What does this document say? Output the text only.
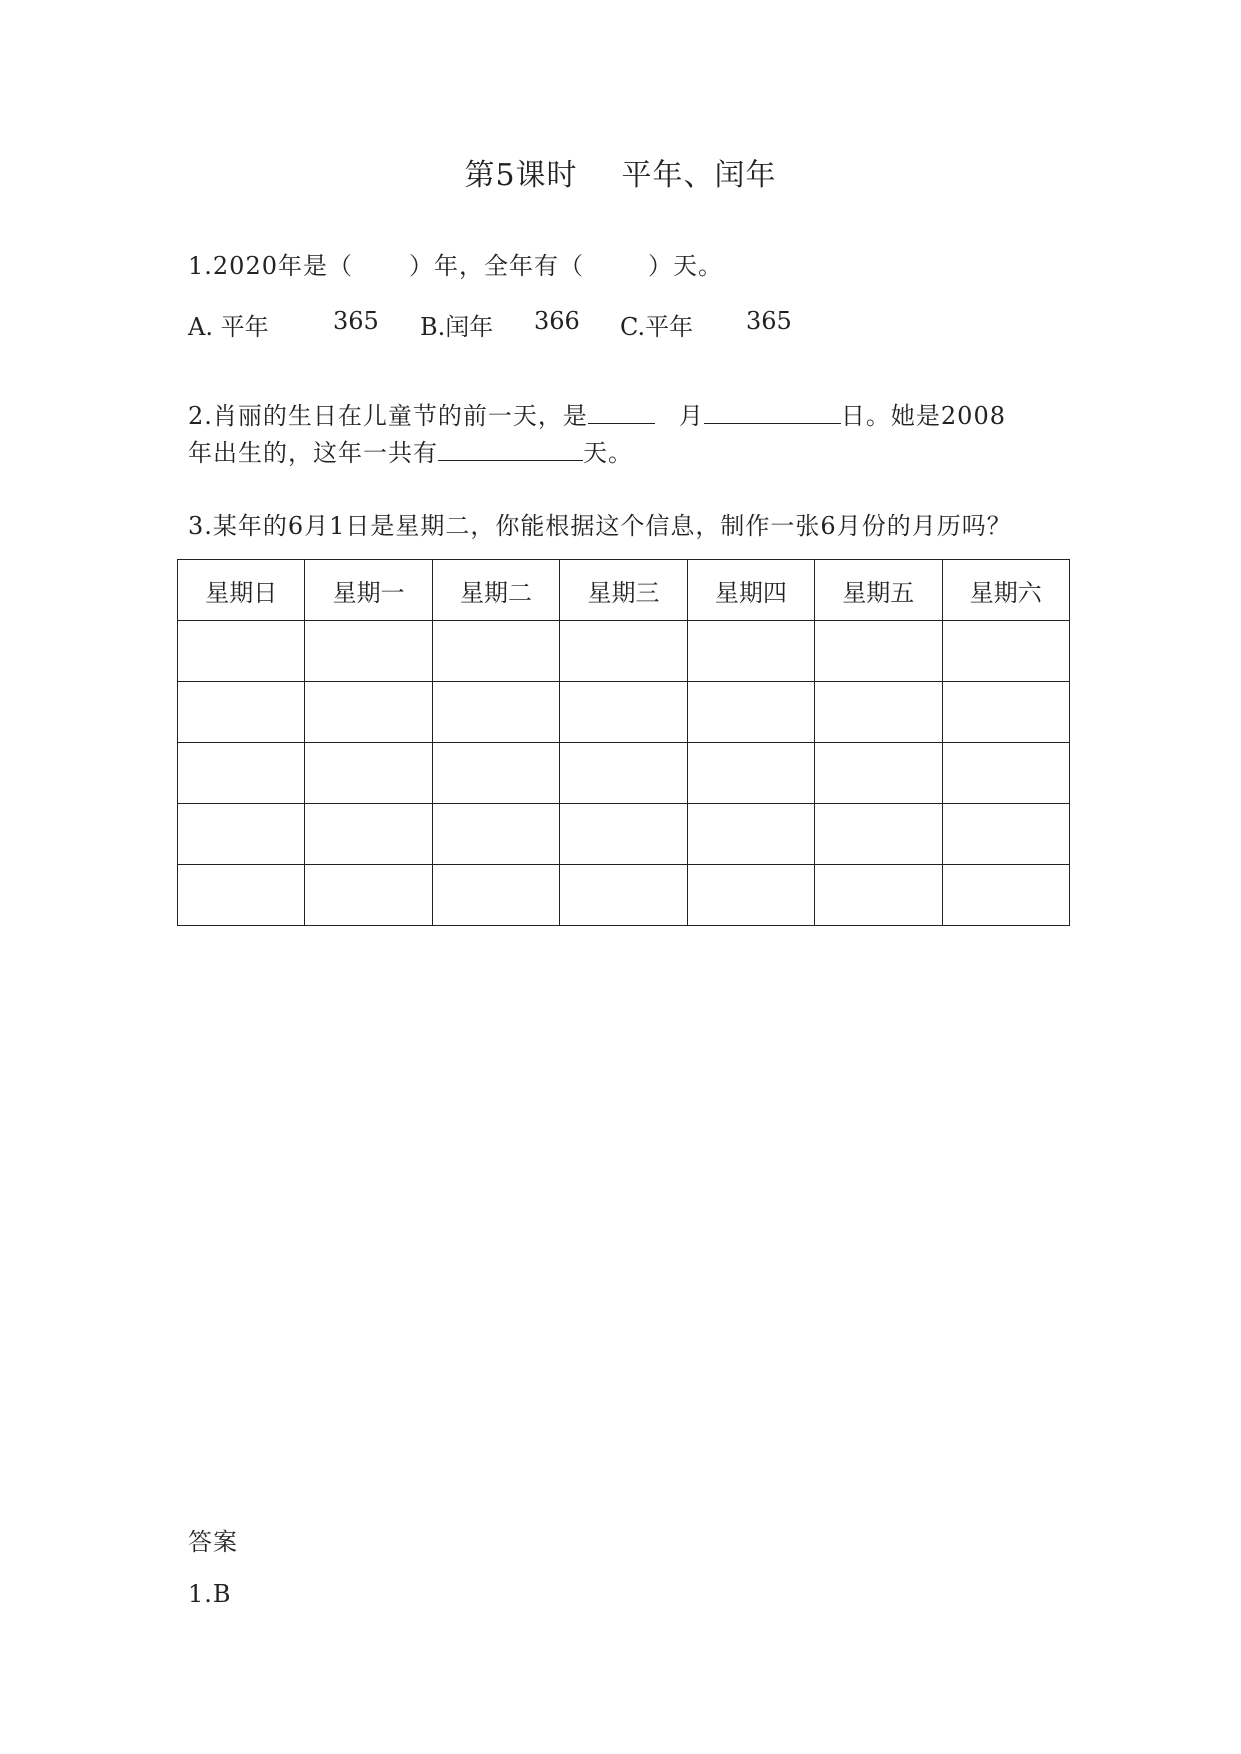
第5课时 平年、闰年
1.2020年是（ ）年，全年有（	）天。
A. 平年	365 B.闰年 366 C.平年 365
2.肖丽的生日在儿童节的前一天，是	月	日。她是2008
年出生的，这年一共有	天。
3.某年的6月1日是星期二，你能根据这个信息，制作一张6月份的月历吗？
星期日	星期一	星期二	星期三	星期四	星期五	星期六

答案
1.B
